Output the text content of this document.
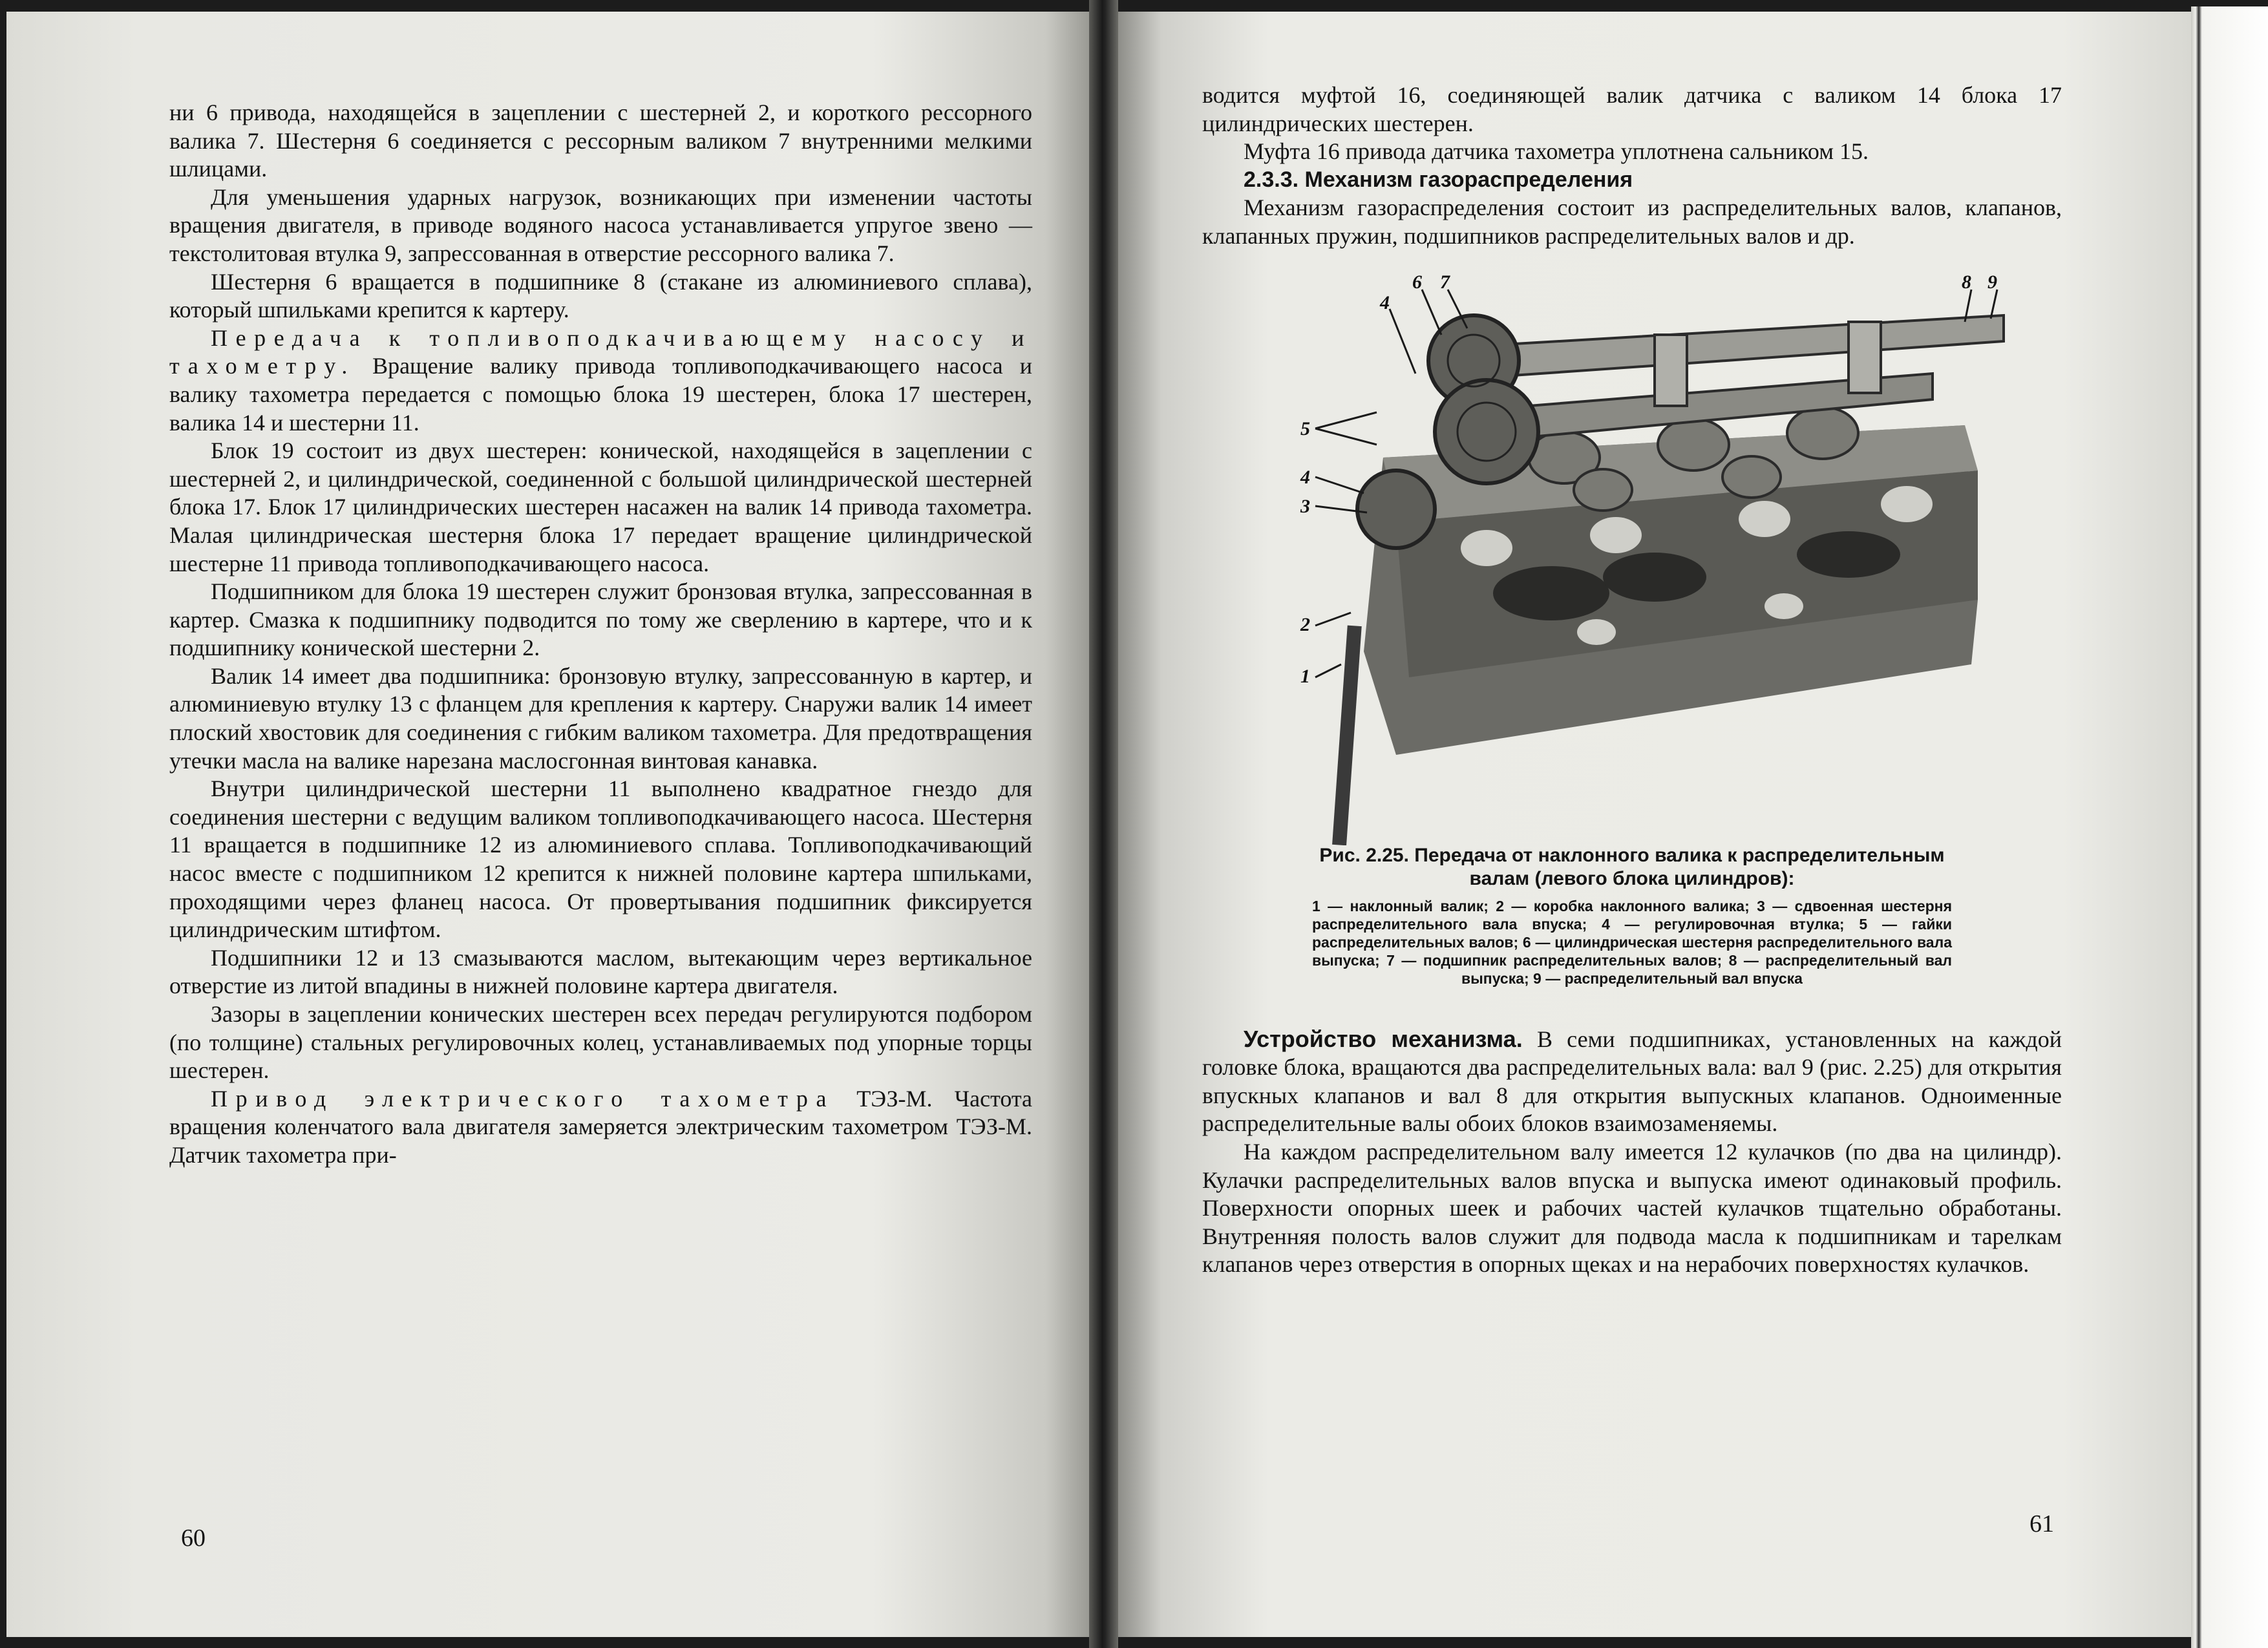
ни 6 привода, находящейся в зацеплении с шестерней 2, и короткого рессорного валика 7. Шестерня 6 соединяется с рессорным валиком 7 внутренними мелкими шлицами.

Для уменьшения ударных нагрузок, возникающих при изменении частоты вращения двигателя, в приводе водяного насоса устанавливается упругое звено — текстолитовая втулка 9, запрессованная в отверстие рессорного валика 7.

Шестерня 6 вращается в подшипнике 8 (стакане из алюминиевого сплава), который шпильками крепится к картеру.

Передача к топливоподкачивающему насосу и тахометру. Вращение валику привода топливоподкачивающего насоса и валику тахометра передается с помощью блока 19 шестерен, блока 17 шестерен, валика 14 и шестерни 11.

Блок 19 состоит из двух шестерен: конической, находящейся в зацеплении с шестерней 2, и цилиндрической, соединенной с большой цилиндрической шестерней блока 17. Блок 17 цилиндрических шестерен насажен на валик 14 привода тахометра. Малая цилиндрическая шестерня блока 17 передает вращение цилиндрической шестерне 11 привода топливоподкачивающего насоса.

Подшипником для блока 19 шестерен служит бронзовая втулка, запрессованная в картер. Смазка к подшипнику подводится по тому же сверлению в картере, что и к подшипнику конической шестерни 2.

Валик 14 имеет два подшипника: бронзовую втулку, запрессованную в картер, и алюминиевую втулку 13 с фланцем для крепления к картеру. Снаружи валик 14 имеет плоский хвостовик для соединения с гибким валиком тахометра. Для предотвращения утечки масла на валике нарезана маслосгонная винтовая канавка.

Внутри цилиндрической шестерни 11 выполнено квадратное гнездо для соединения шестерни с ведущим валиком топливоподкачивающего насоса. Шестерня 11 вращается в подшипнике 12 из алюминиевого сплава. Топливоподкачивающий насос вместе с подшипником 12 крепится к нижней половине картера шпильками, проходящими через фланец насоса. От провертывания подшипник фиксируется цилиндрическим штифтом.

Подшипники 12 и 13 смазываются маслом, вытекающим через вертикальное отверстие из литой впадины в нижней половине картера двигателя.

Зазоры в зацеплении конических шестерен всех передач регулируются подбором (по толщине) стальных регулировочных колец, устанавливаемых под упорные торцы шестерен.

Привод электрического тахометра ТЭЗ-М. Частота вращения коленчатого вала двигателя замеряется электрическим тахометром ТЭЗ-М. Датчик тахометра при-

60

водится муфтой 16, соединяющей валик датчика с валиком 14 блока 17 цилиндрических шестерен.

Муфта 16 привода датчика тахометра уплотнена сальником 15.

2.3.3. Механизм газораспределения

Механизм газораспределения состоит из распределительных валов, клапанов, клапанных пружин, подшипников распределительных валов и др.

4
6 7	8 9
5
4
3
2
1
Рис. 2.25. Передача от наклонного валика к распределительным валам (левого блока цилиндров):
1 — наклонный валик; 2 — коробка наклонного валика; 3 — сдвоенная шестерня распределительного вала впуска; 4 — регулировочная втулка; 5 — гайки распределительных валов; 6 — цилиндрическая шестерня распределительного вала выпуска; 7 — подшипник распределительных валов; 8 — распределительный вал выпуска; 9 — распределительный вал впуска

Устройство механизма. В семи подшипниках, установленных на каждой головке блока, вращаются два распределительных вала: вал 9 (рис. 2.25) для открытия впускных клапанов и вал 8 для открытия выпускных клапанов. Одноименные распределительные валы обоих блоков взаимозаменяемы.

На каждом распределительном валу имеется 12 кулачков (по два на цилиндр). Кулачки распределительных валов впуска и выпуска имеют одинаковый профиль. Поверхности опорных шеек и рабочих частей кулачков тщательно обработаны. Внутренняя полость валов служит для подвода масла к подшипникам и тарелкам клапанов через отверстия в опорных щеках и на нерабочих поверхностях кулачков.

61
